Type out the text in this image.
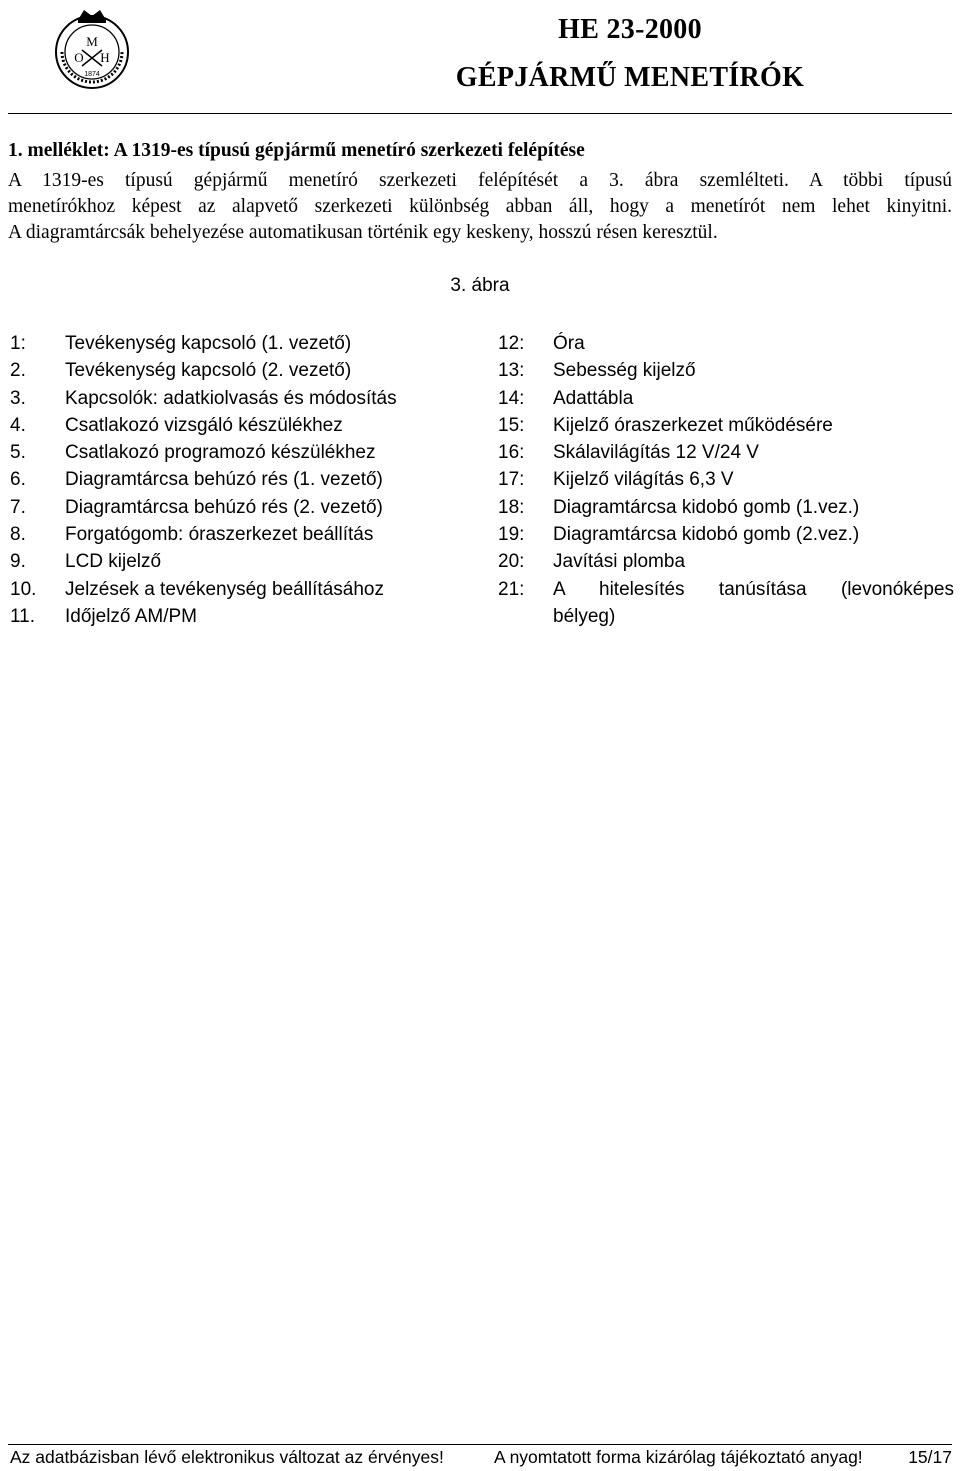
M
O H
1874
HE 23-2000
GÉPJÁRMŰ MENETÍRÓK
1. melléklet: A 1319-es típusú gépjármű menetíró szerkezeti felépítése
A 1319-es típusú gépjármű menetíró szerkezeti felépítését a 3. ábra szemlélteti. A többi típusú
menetírókhoz képest az alapvető szerkezeti különbség abban áll, hogy a menetírót nem lehet kinyitni.
A diagramtárcsák behelyezése automatikusan történik egy keskeny, hosszú résen keresztül.
3. ábra
1:	Tevékenység kapcsoló (1. vezető)
2.	Tevékenység kapcsoló (2. vezető)
3.	Kapcsolók: adatkiolvasás és módosítás
4.	Csatlakozó vizsgáló készülékhez
5.	Csatlakozó programozó készülékhez
6.	Diagramtárcsa behúzó rés (1. vezető)
7.	Diagramtárcsa behúzó rés (2. vezető)
8.	Forgatógomb: óraszerkezet beállítás
9.	LCD kijelző
10.	Jelzések a tevékenység beállításához
11.	Időjelző AM/PM
12:	Óra
13:	Sebesség kijelző
14:	Adattábla
15:	Kijelző óraszerkezet működésére
16:	Skálavilágítás 12 V/24 V
17:	Kijelző világítás 6,3 V
18:	Diagramtárcsa kidobó gomb (1.vez.)
19:	Diagramtárcsa kidobó gomb (2.vez.)
20:	Javítási plomba
21:	A hitelesítés tanúsítása (levonóképes
bélyeg)
Az adatbázisban lévő elektronikus változat az érvényes!	A nyomtatott forma kizárólag tájékoztató anyag!	15/17
